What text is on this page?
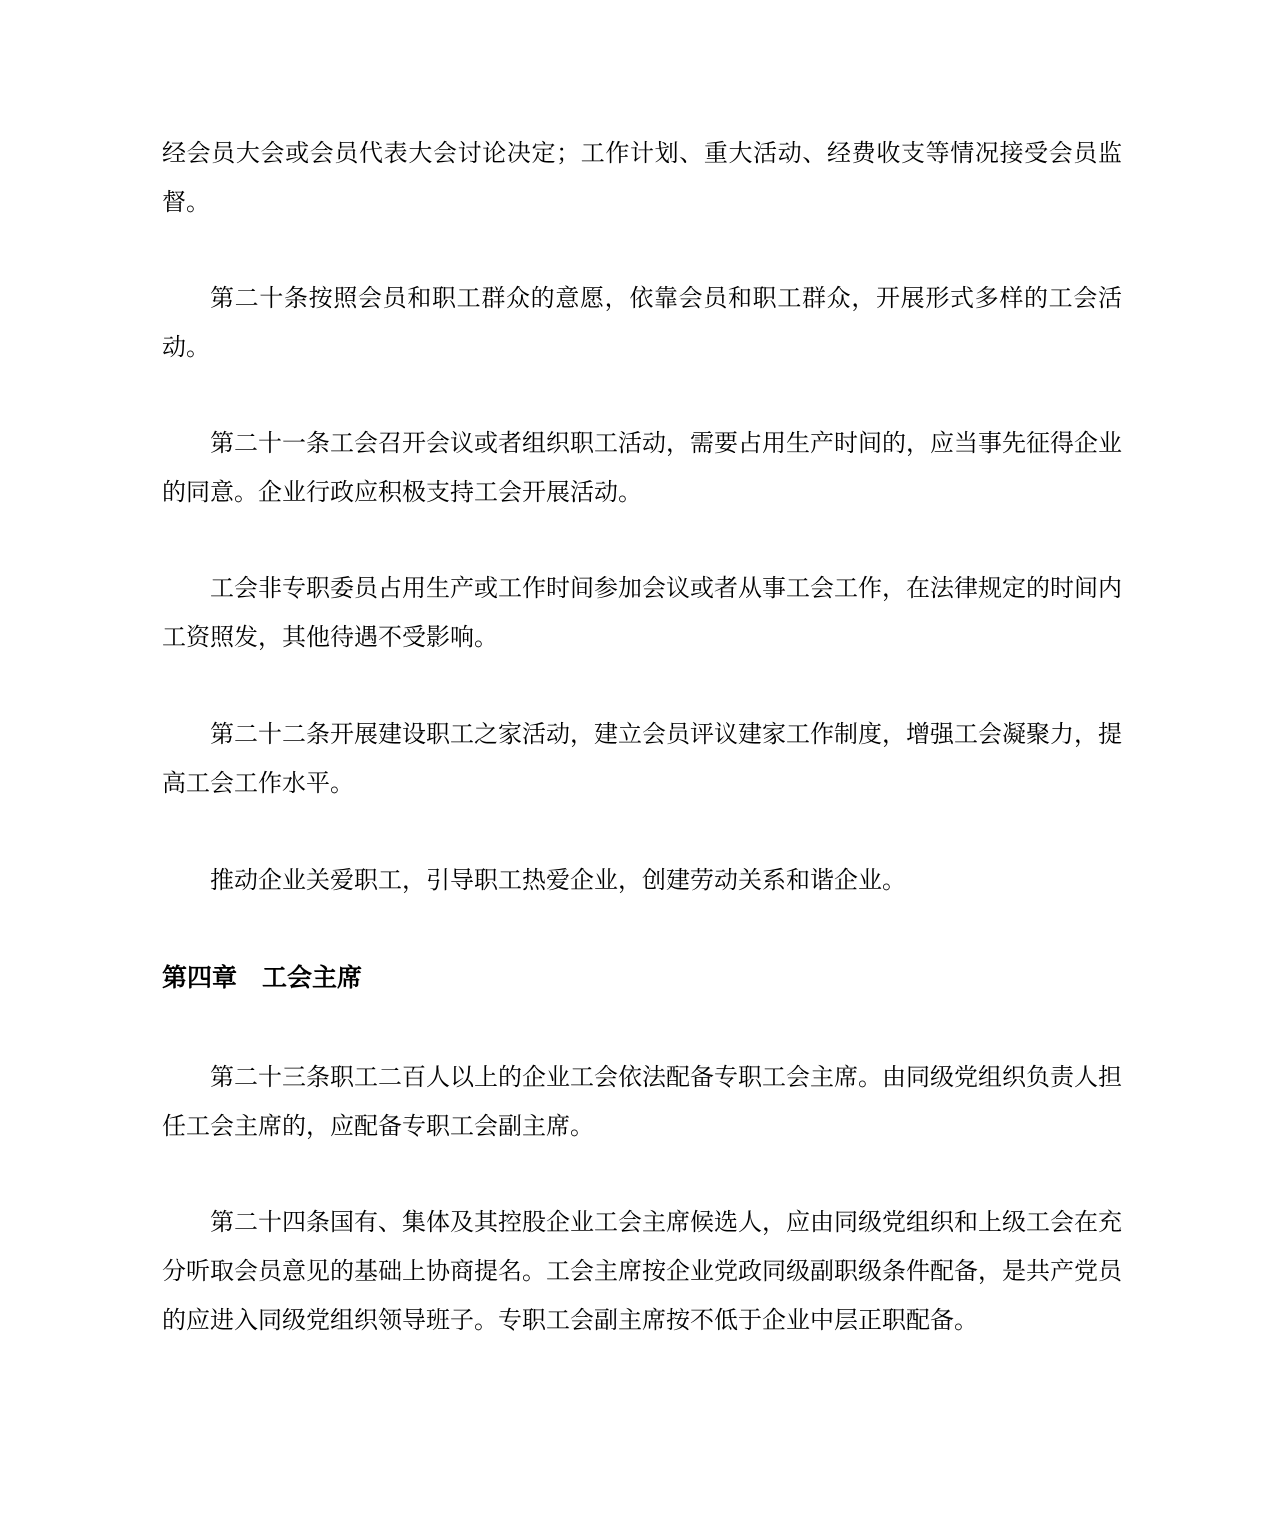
经会员大会或会员代表大会讨论决定；工作计划、重大活动、经费收支等情况接受会员监督。

第二十条按照会员和职工群众的意愿，依靠会员和职工群众，开展形式多样的工会活动。

第二十一条工会召开会议或者组织职工活动，需要占用生产时间的，应当事先征得企业的同意。企业行政应积极支持工会开展活动。

工会非专职委员占用生产或工作时间参加会议或者从事工会工作，在法律规定的时间内工资照发，其他待遇不受影响。

第二十二条开展建设职工之家活动，建立会员评议建家工作制度，增强工会凝聚力，提高工会工作水平。

推动企业关爱职工，引导职工热爱企业，创建劳动关系和谐企业。

第四章　工会主席

第二十三条职工二百人以上的企业工会依法配备专职工会主席。由同级党组织负责人担任工会主席的，应配备专职工会副主席。

第二十四条国有、集体及其控股企业工会主席候选人，应由同级党组织和上级工会在充分听取会员意见的基础上协商提名。工会主席按企业党政同级副职级条件配备，是共产党员的应进入同级党组织领导班子。专职工会副主席按不低于企业中层正职配备。
